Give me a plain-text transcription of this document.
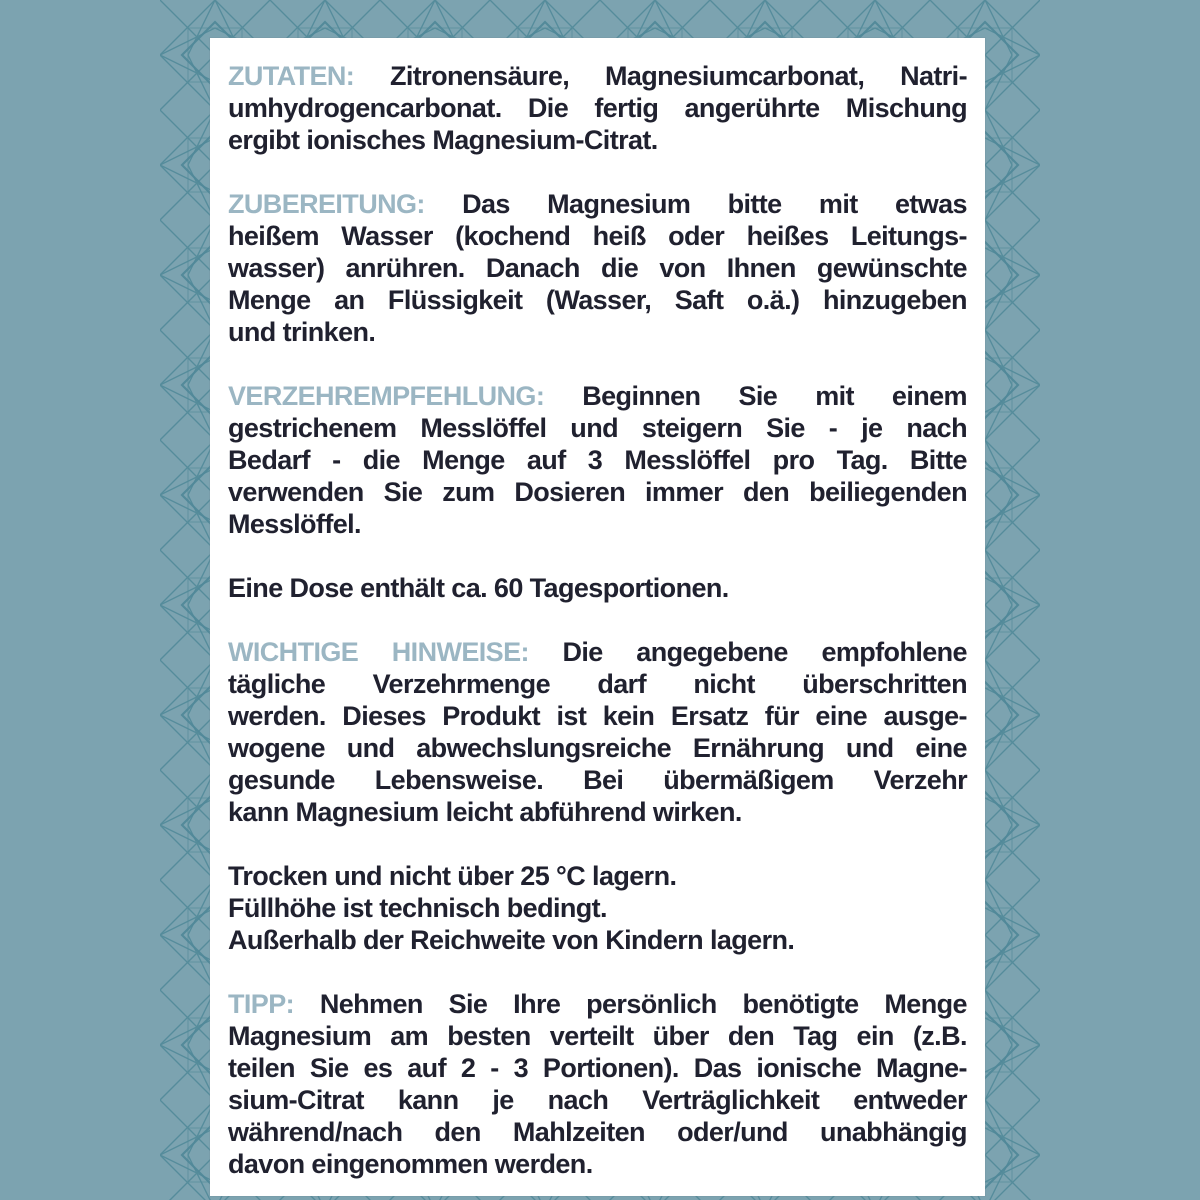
ZUTATEN: Zitronensäure, Magnesiumcarbonat, Natri-
umhydrogencarbonat. Die fertig angerührte Mischung
ergibt ionisches Magnesium-Citrat.
ZUBEREITUNG: Das Magnesium bitte mit etwas
heißem Wasser (kochend heiß oder heißes Leitungs-
wasser) anrühren. Danach die von Ihnen gewünschte
Menge an Flüssigkeit (Wasser, Saft o.ä.) hinzugeben
und trinken.
VERZEHREMPFEHLUNG: Beginnen Sie mit einem
gestrichenem Messlöffel und steigern Sie - je nach
Bedarf - die Menge auf 3 Messlöffel pro Tag. Bitte
verwenden Sie zum Dosieren immer den beiliegenden
Messlöffel.
Eine Dose enthält ca. 60 Tagesportionen.
WICHTIGE HINWEISE: Die angegebene empfohlene
tägliche Verzehrmenge darf nicht überschritten
werden. Dieses Produkt ist kein Ersatz für eine ausge-
wogene und abwechslungsreiche Ernährung und eine
gesunde Lebensweise. Bei übermäßigem Verzehr
kann Magnesium leicht abführend wirken.
Trocken und nicht über 25 °C lagern.
Füllhöhe ist technisch bedingt.
Außerhalb der Reichweite von Kindern lagern.
TIPP: Nehmen Sie Ihre persönlich benötigte Menge
Magnesium am besten verteilt über den Tag ein (z.B.
teilen Sie es auf 2 - 3 Portionen). Das ionische Magne-
sium-Citrat kann je nach Verträglichkeit entweder
während/nach den Mahlzeiten oder/und unabhängig
davon eingenommen werden.
